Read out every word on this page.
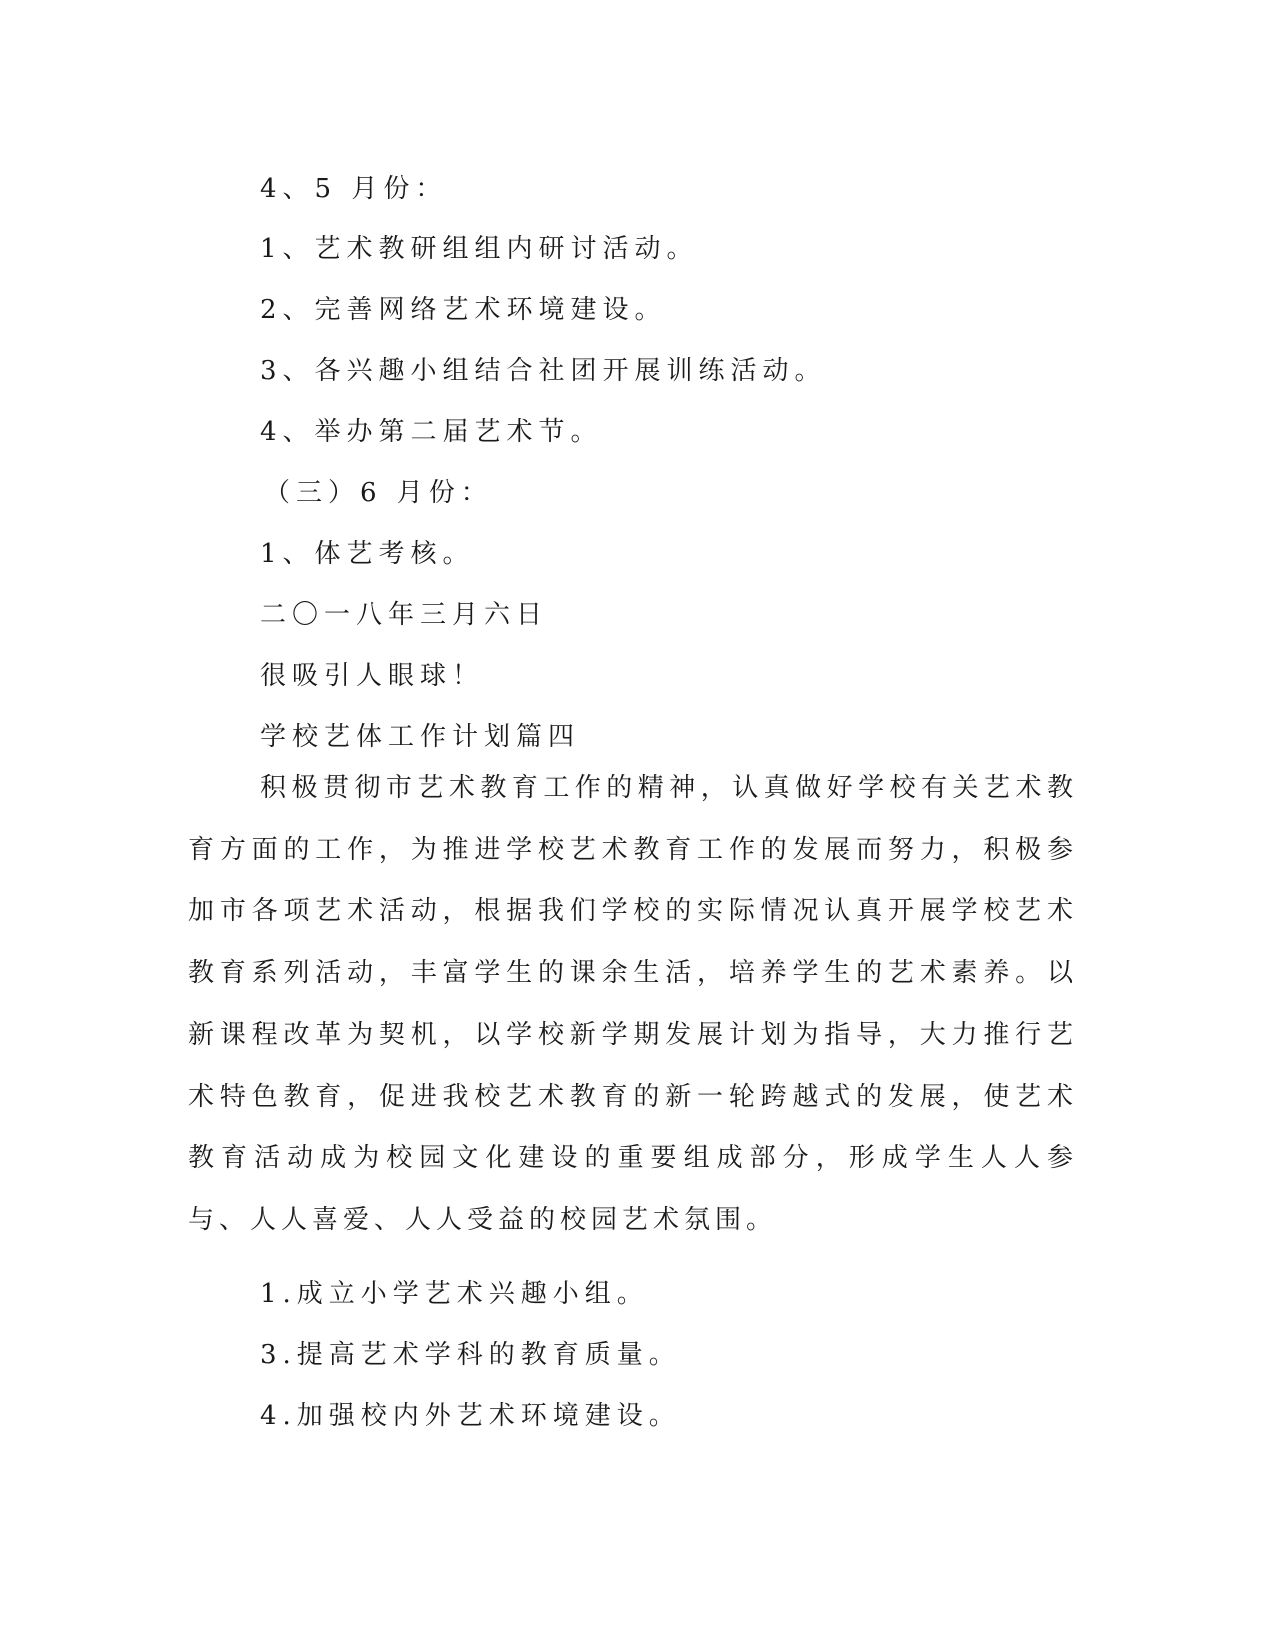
4、5 月份：
1、艺术教研组组内研讨活动。
2、完善网络艺术环境建设。
3、各兴趣小组结合社团开展训练活动。
4、举办第二届艺术节。
（三）6 月份：
1、体艺考核。
二〇一八年三月六日
很吸引人眼球！
学校艺体工作计划篇四

积极贯彻市艺术教育工作的精神，认真做好学校有关艺术教育方面的工作，为推进学校艺术教育工作的发展而努力，积极参加市各项艺术活动，根据我们学校的实际情况认真开展学校艺术教育系列活动，丰富学生的课余生活，培养学生的艺术素养。以新课程改革为契机，以学校新学期发展计划为指导，大力推行艺术特色教育，促进我校艺术教育的新一轮跨越式的发展，使艺术教育活动成为校园文化建设的重要组成部分，形成学生人人参与、人人喜爱、人人受益的校园艺术氛围。

1.成立小学艺术兴趣小组。
3.提高艺术学科的教育质量。
4.加强校内外艺术环境建设。
